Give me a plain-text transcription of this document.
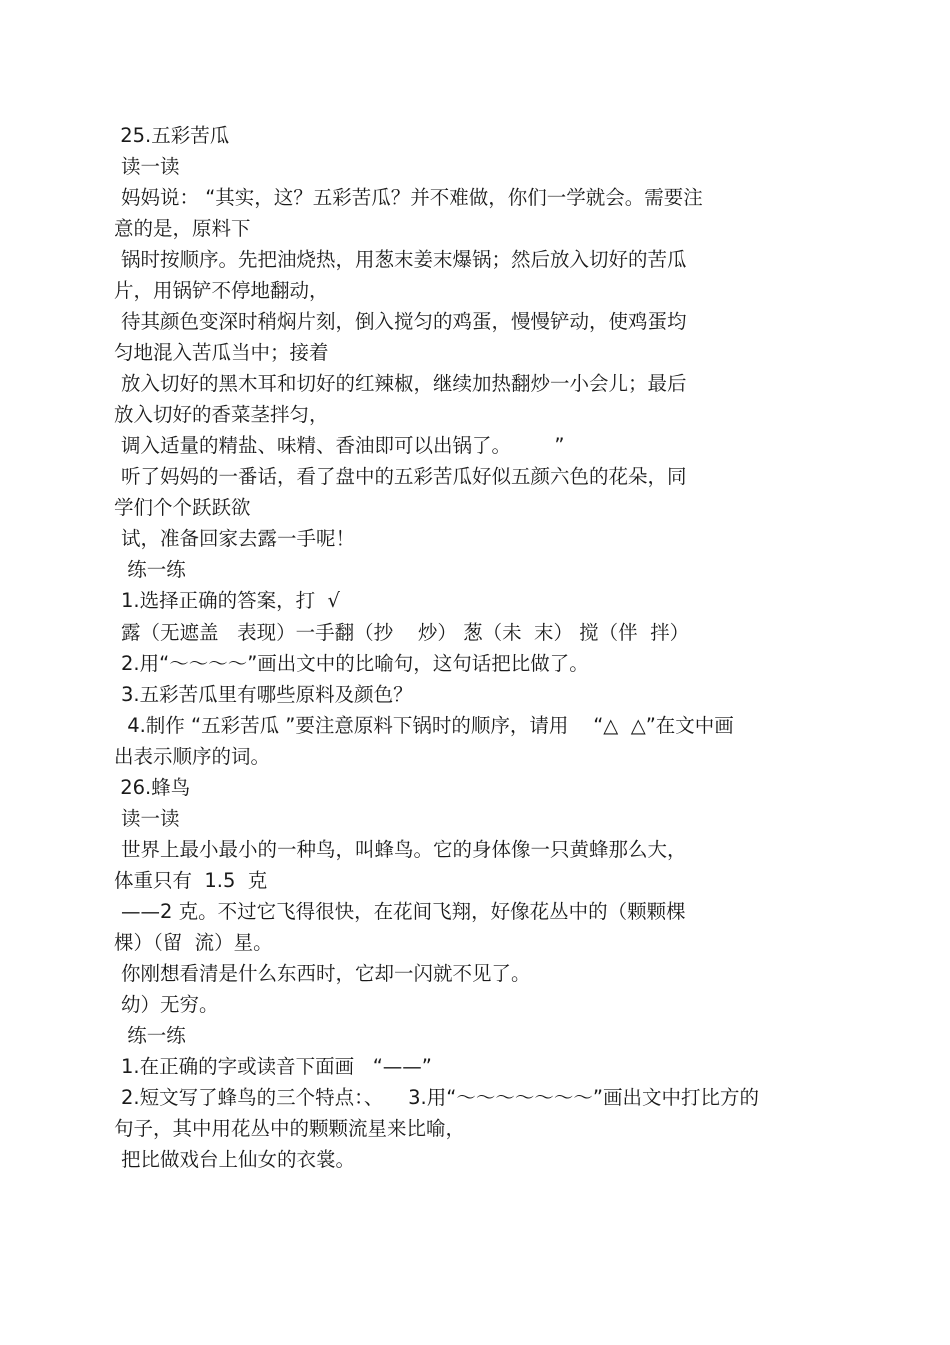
25.五彩苦瓜
读一读
妈妈说： “其实，这？五彩苦瓜？并不难做，你们一学就会。需要注
意的是，原料下
锅时按顺序。先把油烧热，用葱末姜末爆锅；然后放入切好的苦瓜
片，用锅铲不停地翻动，
待其颜色变深时稍焖片刻，倒入搅匀的鸡蛋，慢慢铲动，使鸡蛋均
匀地混入苦瓜当中；接着
放入切好的黑木耳和切好的红辣椒，继续加热翻炒一小会儿；最后
放入切好的香菜茎拌匀，
调入适量的精盐、味精、香油即可以出锅了。       ”
听了妈妈的一番话，看了盘中的五彩苦瓜好似五颜六色的花朵，同
学们个个跃跃欲
试，准备回家去露一手呢！
练一练
1.选择正确的答案，打  √
露（无遮盖   表现）一手翻（抄    炒） 葱（未  末） 搅（伴  拌）
2.用“～～～～”画出文中的比喻句，这句话把比做了。
3.五彩苦瓜里有哪些原料及颜色？
4.制作 “五彩苦瓜 ”要注意原料下锅时的顺序，请用    “△  △”在文中画
出表示顺序的词。
26.蜂鸟
读一读
世界上最小最小的一种鸟，叫蜂鸟。它的身体像一只黄蜂那么大，
体重只有  1.5  克
——2 克。不过它飞得很快，在花间飞翔，好像花丛中的（颗颗棵
棵）（留  流）星。
你刚想看清是什么东西时，它却一闪就不见了。
幼）无穷。
练一练
1.在正确的字或读音下面画   “——”
2.短文写了蜂鸟的三个特点：、    3.用“～～～～～～～”画出文中打比方的
句子，其中用花丛中的颗颗流星来比喻，
把比做戏台上仙女的衣裳。
